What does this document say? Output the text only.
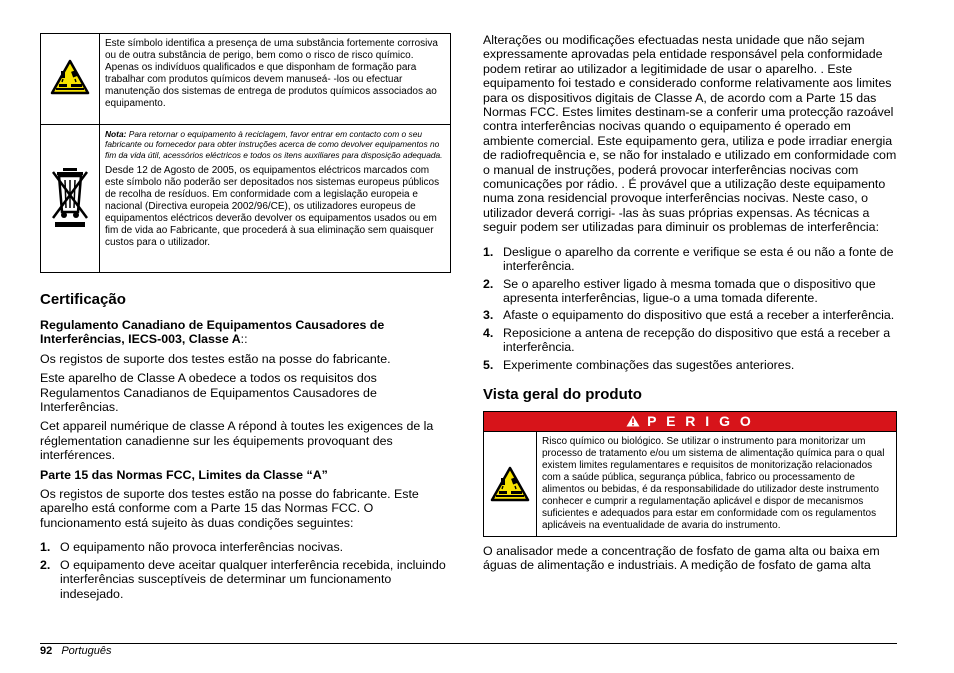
	Este símbolo identifica a presença de uma substância fortemente corrosiva ou de outra substância de perigo, bem como o risco de risco químico. Apenas os indivíduos qualificados e que disponham de formação para trabalhar com produtos químicos devem manuseá- -los ou efectuar manutenção dos sistemas de entrega de produtos químicos associados ao equipamento.

Nota: Para retornar o equipamento à reciclagem, favor entrar em contacto com o seu fabricante ou fornecedor para obter instruções acerca de como devolver equipamentos no fim da vida útil, acessórios eléctricos e todos os itens auxiliares para disposição adequada.
Desde 12 de Agosto de 2005, os equipamentos eléctricos marcados com este símbolo não poderão ser depositados nos sistemas europeus públicos de recolha de resíduos. Em conformidade com a legislação europeia e nacional (Directiva europeia 2002/96/CE), os utilizadores europeus de equipamentos eléctricos deverão devolver os equipamentos usados ou em fim de vida ao Fabricante, que procederá à sua eliminação sem quaisquer custos para o utilizador.
Certificação
Regulamento Canadiano de Equipamentos Causadores de Interferências, IECS-003, Classe A::

Os registos de suporte dos testes estão na posse do fabricante.

Este aparelho de Classe A obedece a todos os requisitos dos Regulamentos Canadianos de Equipamentos Causadores de Interferências.

Cet appareil numérique de classe A répond à toutes les exigences de la réglementation canadienne sur les équipements provoquant des interférences.

Parte 15 das Normas FCC, Limites da Classe “A”

Os registos de suporte dos testes estão na posse do fabricante. Este aparelho está conforme com a Parte 15 das Normas FCC. O funcionamento está sujeito às duas condições seguintes:

1. O equipamento não provoca interferências nocivas.
2. O equipamento deve aceitar qualquer interferência recebida, incluindo interferências susceptíveis de determinar um funcionamento indesejado.

Alterações ou modificações efectuadas nesta unidade que não sejam expressamente aprovadas pela entidade responsável pela conformidade podem retirar ao utilizador a legitimidade de usar o aparelho. . Este equipamento foi testado e considerado conforme relativamente aos limites para os dispositivos digitais de Classe A, de acordo com a Parte 15 das Normas FCC. Estes limites destinam-se a conferir uma protecção razoável contra interferências nocivas quando o equipamento é operado em ambiente comercial. Este equipamento gera, utiliza e pode irradiar energia de radiofrequência e, se não for instalado e utilizado em conformidade com o manual de instruções, poderá provocar interferências nocivas com comunicações por rádio. . É provável que a utilização deste equipamento numa zona residencial provoque interferências nocivas. Neste caso, o utilizador deverá corrigi- -las às suas próprias expensas. As técnicas a seguir podem ser utilizadas para diminuir os problemas de interferência:

1. Desligue o aparelho da corrente e verifique se esta é ou não a fonte de interferência.
2. Se o aparelho estiver ligado à mesma tomada que o dispositivo que apresenta interferências, ligue-o a uma tomada diferente.
3. Afaste o equipamento do dispositivo que está a receber a interferência.
4. Reposicione a antena de recepção do dispositivo que está a receber a interferência.
5. Experimente combinações das sugestões anteriores.
Vista geral do produto
P E R I G O
Risco químico ou biológico. Se utilizar o instrumento para monitorizar um processo de tratamento e/ou um sistema de alimentação química para o qual existem limites regulamentares e requisitos de monitorização relacionados com a saúde pública, segurança pública, fabrico ou processamento de alimentos ou bebidas, é da responsabilidade do utilizador deste instrumento conhecer e cumprir a regulamentação aplicável e dispor de mecanismos suficientes e adequados para estar em conformidade com os regulamentos aplicáveis na eventualidade de avaria do instrumento.

O analisador mede a concentração de fosfato de gama alta ou baixa em águas de alimentação e industriais. A medição de fosfato de gama alta

92 Português
